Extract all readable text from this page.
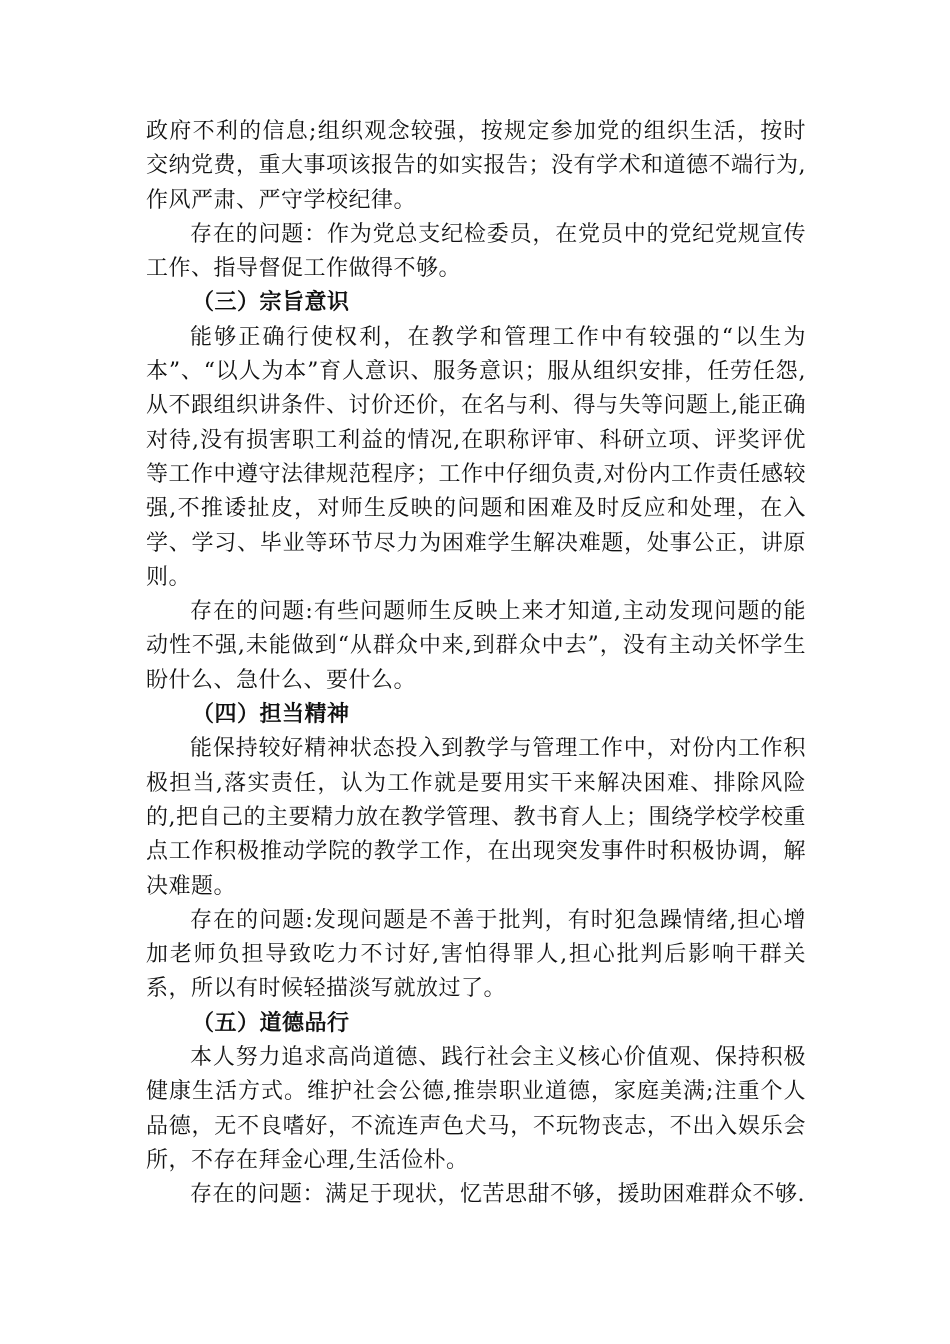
政府不利的信息;组织观念较强，按规定参加党的组织生活，按时交纳党费，重大事项该报告的如实报告；没有学术和道德不端行为,作风严肃、严守学校纪律。

存在的问题：作为党总支纪检委员，在党员中的党纪党规宣传工作、指导督促工作做得不够。

（三）宗旨意识

能够正确行使权利，在教学和管理工作中有较强的“以生为本”、“以人为本”育人意识、服务意识；服从组织安排，任劳任怨,从不跟组织讲条件、讨价还价，在名与利、得与失等问题上,能正确对待,没有损害职工利益的情况,在职称评审、科研立项、评奖评优等工作中遵守法律规范程序；工作中仔细负责,对份内工作责任感较强,不推诿扯皮，对师生反映的问题和困难及时反应和处理，在入学、学习、毕业等环节尽力为困难学生解决难题，处事公正，讲原则。

存在的问题:有些问题师生反映上来才知道,主动发现问题的能动性不强,未能做到“从群众中来,到群众中去”，没有主动关怀学生盼什么、急什么、要什么。

（四）担当精神

能保持较好精神状态投入到教学与管理工作中，对份内工作积极担当,落实责任，认为工作就是要用实干来解决困难、排除风险的,把自己的主要精力放在教学管理、教书育人上；围绕学校学校重点工作积极推动学院的教学工作，在出现突发事件时积极协调，解决难题。

存在的问题:发现问题是不善于批判，有时犯急躁情绪,担心增加老师负担导致吃力不讨好,害怕得罪人,担心批判后影响干群关系，所以有时候轻描淡写就放过了。

（五）道德品行

本人努力追求高尚道德、践行社会主义核心价值观、保持积极健康生活方式。维护社会公德,推崇职业道德，家庭美满;注重个人品德，无不良嗜好，不流连声色犬马，不玩物丧志，不出入娱乐会所，不存在拜金心理,生活俭朴。

存在的问题：满足于现状，忆苦思甜不够，援助困难群众不够.
